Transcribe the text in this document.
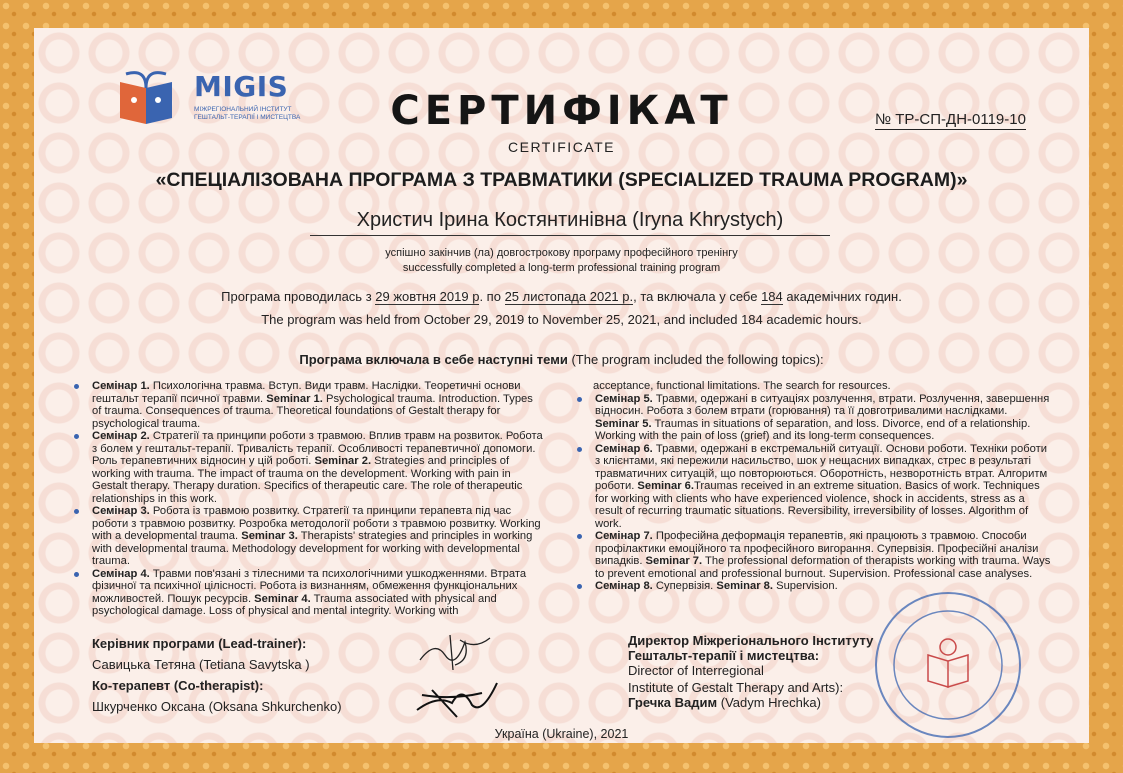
MIGIS
МІЖРЕГІОНАЛЬНИЙ ІНСТИТУТ ГЕШТАЛЬТ-ТЕРАПІЇ І МИСТЕЦТВА	СЕРТИФІКАТ
CERTIFICATE
№ ТР-СП-ДН-0119-10
«СПЕЦІАЛІЗОВАНА ПРОГРАМА З ТРАВМАТИКИ (SPECIALIZED TRAUMA PROGRAM)»
Христич Ірина Костянтинівна (Iryna Khrystych)
успішно закінчив (ла) довгострокову програму професійного тренінгу
successfully completed a long-term professional training program
Програма проводилась з 29 жовтня 2019 р. по 25 листопада 2021 р., та включала у себе 184 академічних годин.
The program was held from October 29, 2019 to November 25, 2021, and included 184 academic hours.
Програма включала в себе наступні теми (The program included the following topics):
Семінар 1. Психологічна травма. Вступ. Види травм. Наслідки. Теоретичні основи гештальт терапії псичної травми. Seminar 1. Psychological trauma. Introduction. Types of trauma. Consequences of trauma. Theoretical foundations of Gestalt therapy for psychological trauma.
Семінар 2. Стратегії та принципи роботи з травмою. Вплив травм на розвиток. Робота з болем у гештальт-терапії. Тривалість терапії. Особливості терапевтичної допомоги. Роль терапевтичних відносин у цій роботі. Seminar 2. Strategies and principles of working with trauma. The impact of trauma on the development. Working with pain in Gestalt therapy. Therapy duration. Specifics of therapeutic care. The role of therapeutic relationships in this work.
Семінар 3. Робота із травмою розвитку. Стратегії та принципи терапевта під час роботи з травмою розвитку. Розробка методології роботи з травмою розвитку. Working with a developmental trauma. Seminar 3. Therapists' strategies and principles in working with developmental trauma. Methodology development for working with developmental trauma.
Семінар 4. Травми пов'язані з тілесними та психологічними ушкодженнями. Втрата фізичної та психічної цілісності. Робота із визнанням, обмеження функціональних можливостей. Пошук ресурсів. Seminar 4. Trauma associated with physical and psychological damage. Loss of physical and mental integrity. Working with
acceptance, functional limitations. The search for resources.
Семінар 5. Травми, одержані в ситуаціях розлучення, втрати. Розлучення, завершення відносин. Робота з болем втрати (горювання) та її довготривалими наслідками. Seminar 5. Traumas in situations of separation, and loss. Divorce, end of a relationship. Working with the pain of loss (grief) and its long-term consequences.
Семінар 6. Травми, одержані в екстремальній ситуації. Основи роботи. Техніки роботи з клієнтами, які пережили насильство, шок у нещасних випадках, стрес в результаті травматичних ситуацій, що повторюються. Оборотність, незворотність втрат. Алгоритм роботи. Seminar 6.Traumas received in an extreme situation. Basics of work. Techniques for working with clients who have experienced violence, shock in accidents, stress as a result of recurring traumatic situations. Reversibility, irreversibility of losses. Algorithm of work.
Семінар 7. Професійна деформація терапевтів, які працюють з травмою. Способи профілактики емоційного та професійного вигорання. Супервізія. Професійні аналізи випадків. Seminar 7. The professional deformation of therapists working with trauma. Ways to prevent emotional and professional burnout. Supervision. Professional case analyses.
Семінар 8. Супервізія. Seminar 8. Supervision.
Керівник програми (Lead-trainer):
Савицька Тетяна (Tetiana Savytska )
Ко-терапевт (Co-therapist):
Шкурченко Оксана (Oksana Shkurchenko)
Директор Міжрегіонального Інституту
Гештальт-терапії і мистецтва:
Director of Interregional
Institute of Gestalt Therapy and Arts):
Гречка Вадим (Vadym Hrechka)
Україна (Ukraine), 2021
